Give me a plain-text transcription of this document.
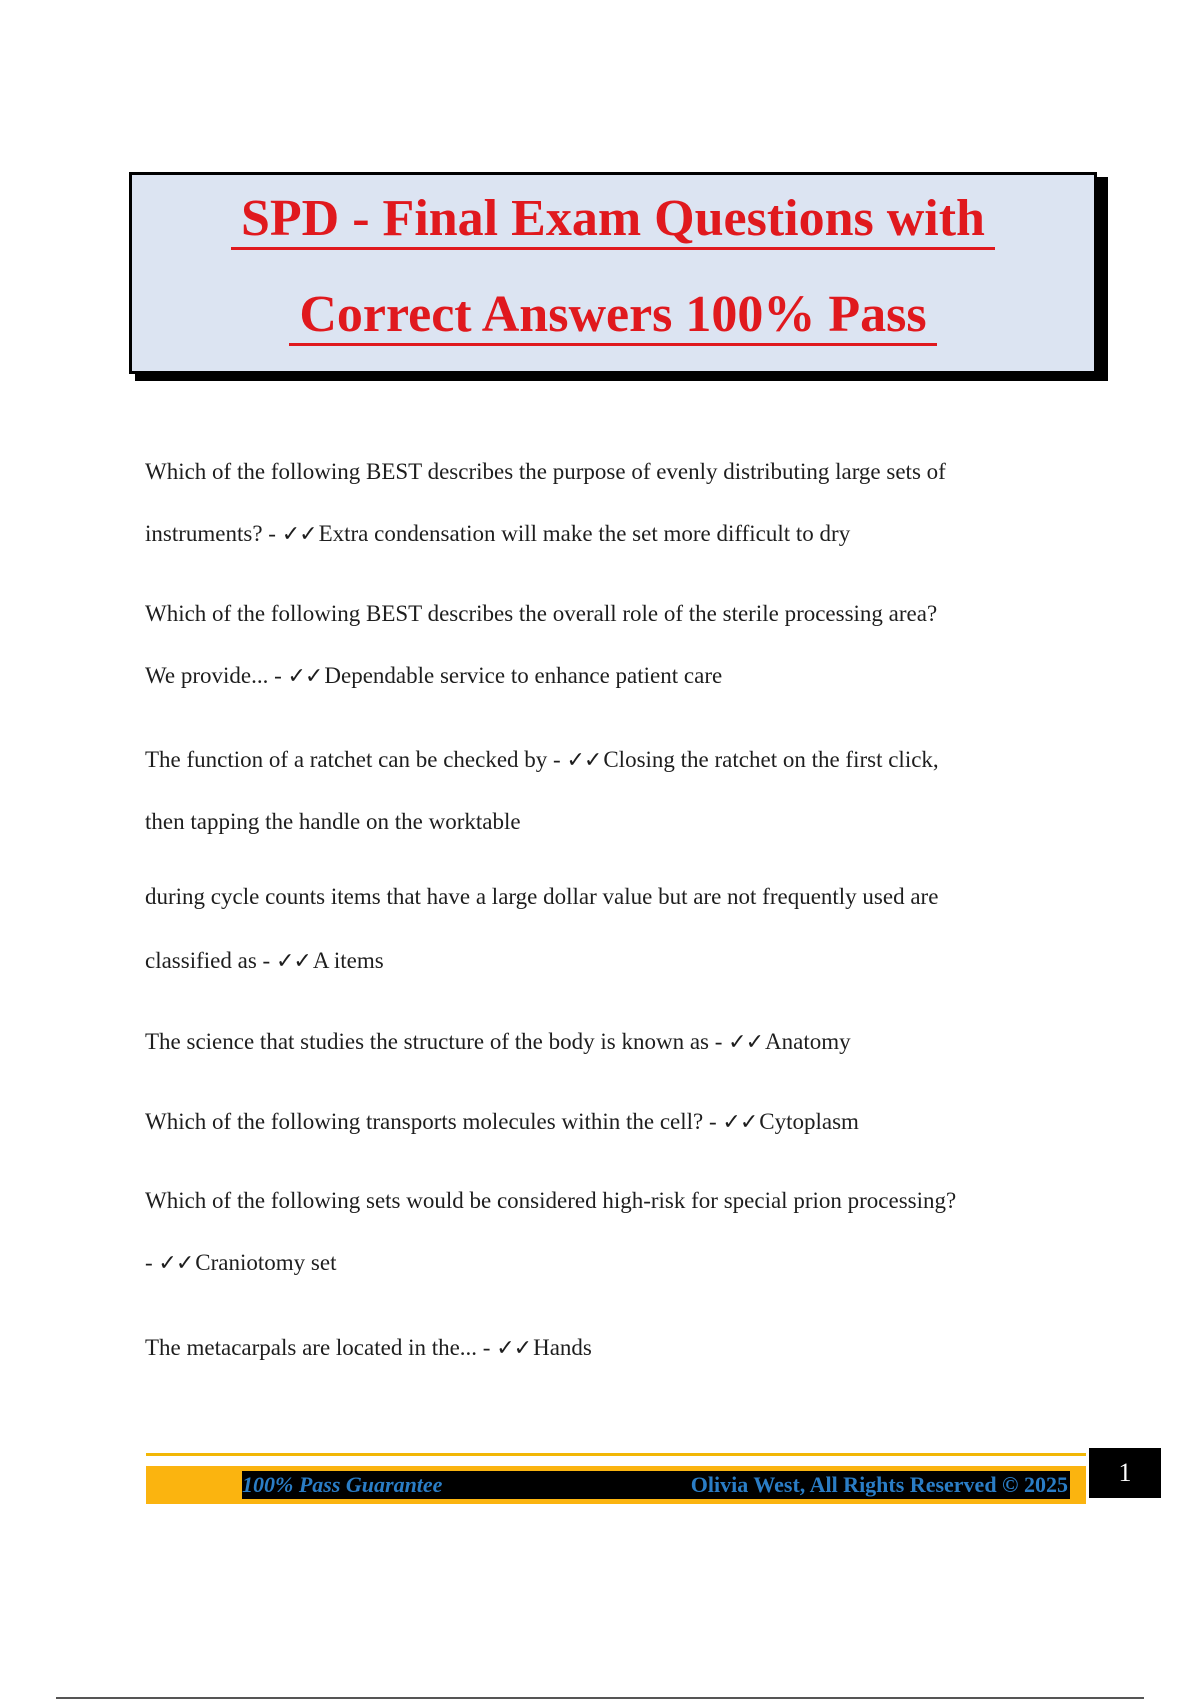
SPD - Final Exam Questions with
Correct Answers 100% Pass
Which of the following BEST describes the purpose of evenly distributing large sets of
instruments? - ✓✓Extra condensation will make the set more difficult to dry
Which of the following BEST describes the overall role of the sterile processing area?
We provide... - ✓✓Dependable service to enhance patient care
The function of a ratchet can be checked by - ✓✓Closing the ratchet on the first click,
then tapping the handle on the worktable
during cycle counts items that have a large dollar value but are not frequently used are
classified as - ✓✓A items
The science that studies the structure of the body is known as - ✓✓Anatomy
Which of the following transports molecules within the cell? - ✓✓Cytoplasm
Which of the following sets would be considered high-risk for special prion processing?
- ✓✓Craniotomy set
The metacarpals are located in the... - ✓✓Hands
100% Pass Guarantee	Olivia West, All Rights Reserved © 2025	1
